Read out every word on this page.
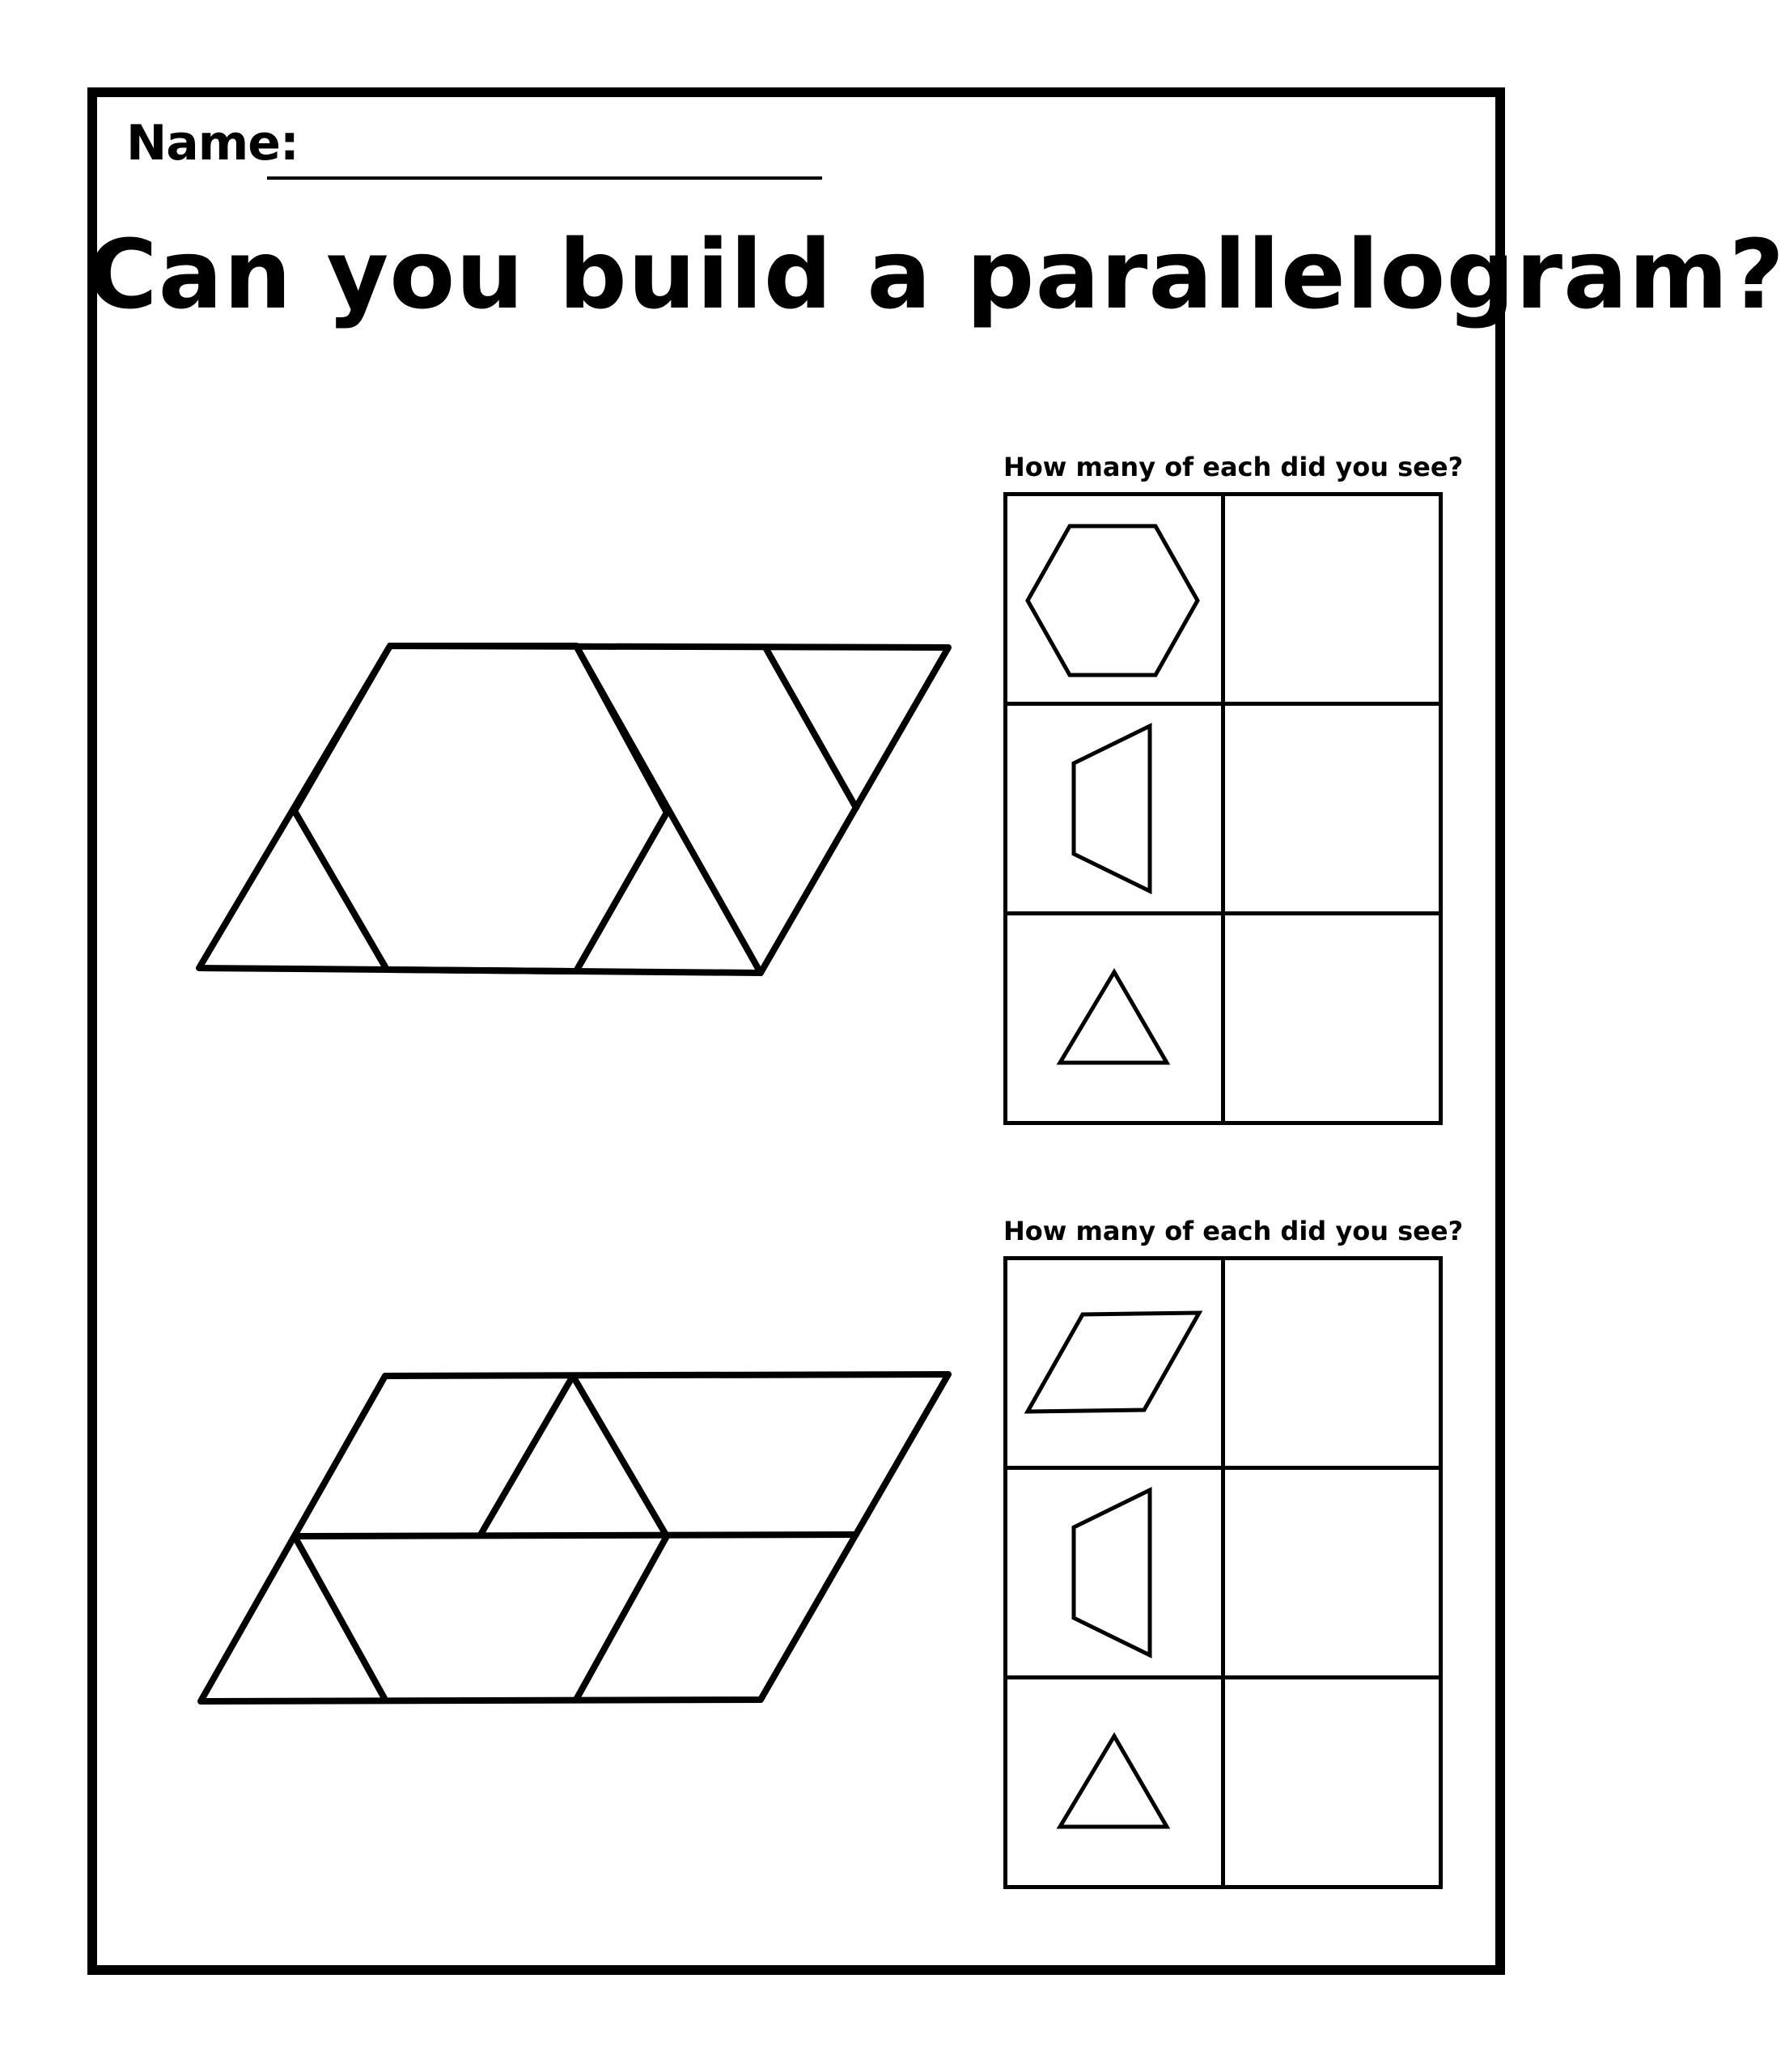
Name:
Can you build a parallelogram?
How many of each did you see?

How many of each did you see?
